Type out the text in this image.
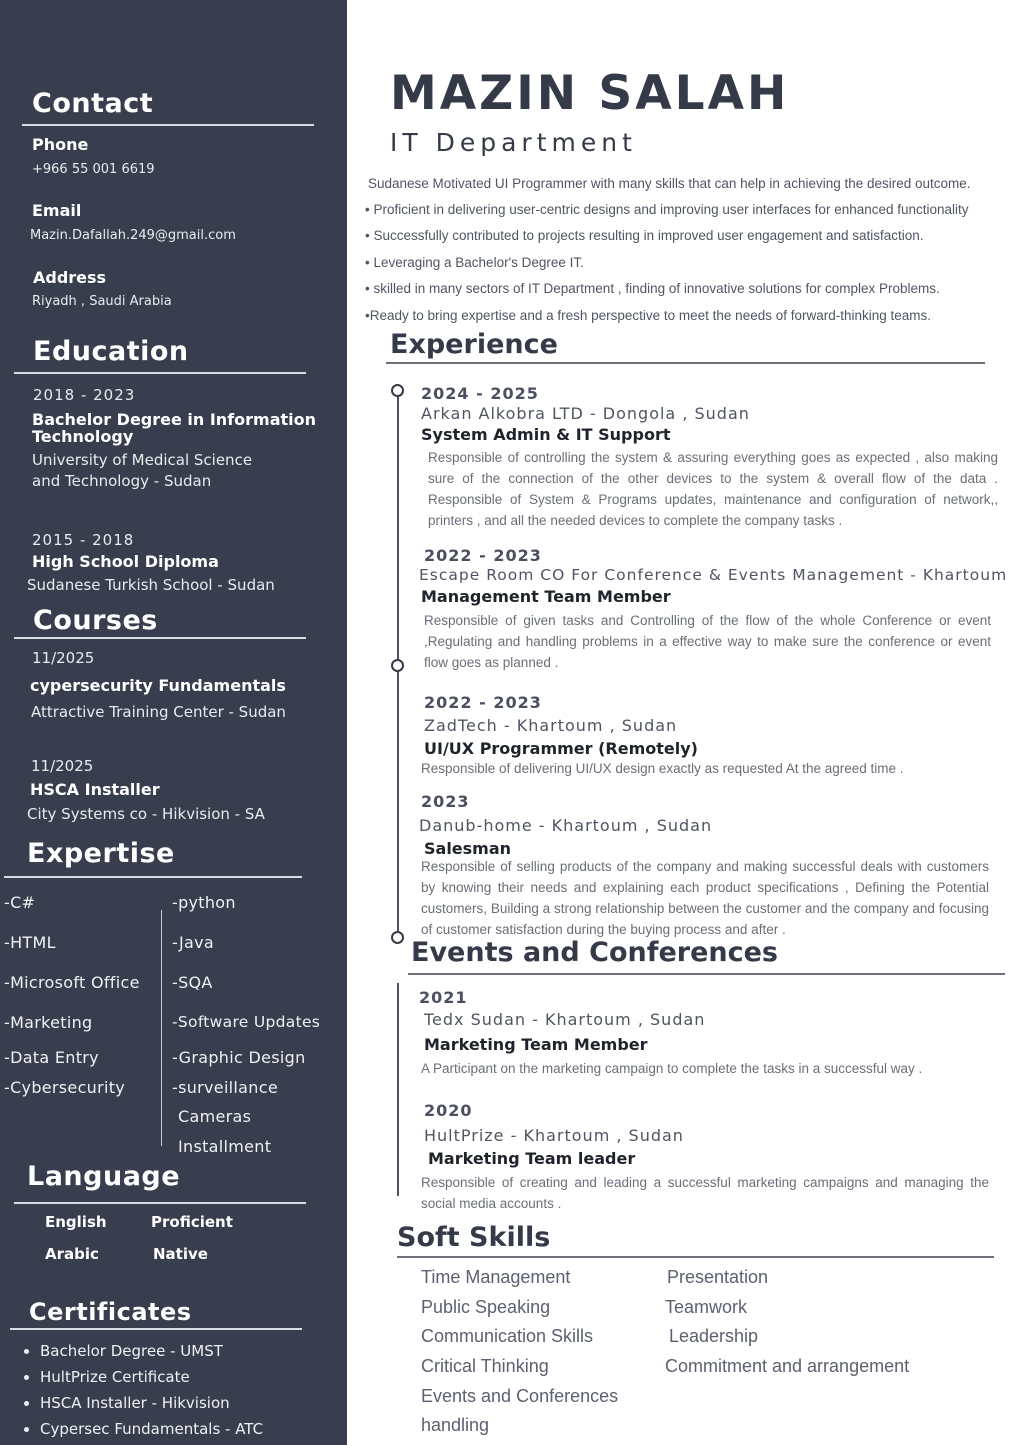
Contact
Phone
+966 55 001 6619
Email
Mazin.Dafallah.249@gmail.com
Address
Riyadh , Saudi Arabia
Education
2018 - 2023
Bachelor Degree in Information
Technology
University of Medical Science
and Technology - Sudan
2015 - 2018
High School Diploma
Sudanese Turkish School - Sudan
Courses
11/2025
cypersecurity Fundamentals
Attractive Training Center - Sudan
11/2025
HSCA Installer
City Systems co - Hikvision - SA
Expertise
-C#
-HTML
-Microsoft Office
-Marketing
-Data Entry
-Cybersecurity
-python
-Java
-SQA
-Software Updates
-Graphic Design
-surveillance
Cameras
Installment
Language
English	Proficient
Arabic	Native
Certificates
• Bachelor Degree - UMST
• HultPrize Certificate
• HSCA Installer - Hikvision
• Cypersec Fundamentals - ATC
MAZIN SALAH
IT Department
Sudanese Motivated UI Programmer with many skills that can help in achieving the desired outcome.
• Proficient in delivering user-centric designs and improving user interfaces for enhanced functionality
• Successfully contributed to projects resulting in improved user engagement and satisfaction.
• Leveraging a Bachelor's Degree IT.
• skilled in many sectors of IT Department , finding of innovative solutions for complex Problems.
•Ready to bring expertise and a fresh perspective to meet the needs of forward-thinking teams.
Experience
2024 - 2025
Arkan Alkobra LTD - Dongola , Sudan
System Admin & IT Support
Responsible of controlling the system & assuring everything goes as expected , also making sure of the connection of the other devices to the system & overall flow of the data . Responsible of System & Programs updates, maintenance and configuration of network,, printers , and all the needed devices to complete the company tasks .
2022 - 2023
Escape Room CO For Conference & Events Management - Khartoum
Management Team Member
Responsible of given tasks and Controlling of the flow of the whole Conference or event ,Regulating and handling problems in a effective way to make sure the conference or event flow goes as planned .
2022 - 2023
ZadTech - Khartoum , Sudan
UI/UX Programmer (Remotely)
Responsible of delivering UI/UX design exactly as requested At the agreed time .
2023
Danub-home - Khartoum , Sudan
Salesman
Responsible of selling products of the company and making successful deals with customers by knowing their needs and explaining each product specifications , Defining the Potential customers, Building a strong relationship between the customer and the company and focusing of customer satisfaction during the buying process and after .
Events and Conferences
2021
Tedx Sudan - Khartoum , Sudan
Marketing Team Member
A Participant on the marketing campaign to complete the tasks in a successful way .
2020
HultPrize - Khartoum , Sudan
Marketing Team leader
Responsible of creating and leading a successful marketing campaigns and managing the social media accounts .
Soft Skills
Time Management
Public Speaking
Communication Skills
Critical Thinking
Events and Conferences
handling
Presentation
Teamwork
Leadership
Commitment and arrangement
